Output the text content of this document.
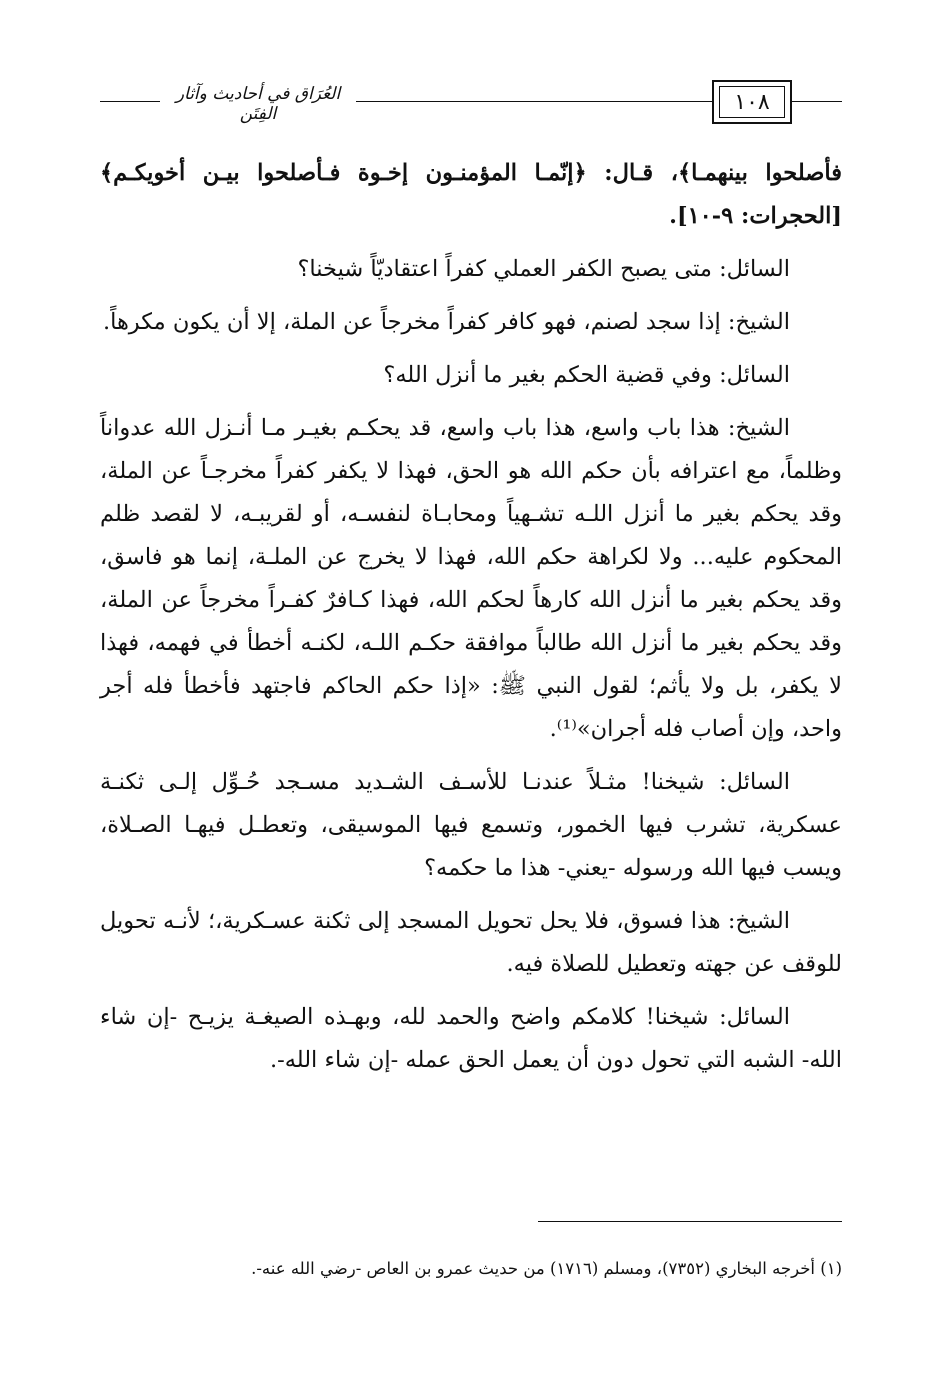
العُرَاق في أحاديث وآثار الفِتَن	١٠٨

فأصلحوا بينهمـا﴾، قـال: ﴿إنّمـا المؤمنـون إخـوة فـأصلحوا بيـن أخويكـم﴾ [الحجرات: ٩-١٠].

السائل: متى يصبح الكفر العملي كفراً اعتقاديّاً شيخنا؟

الشيخ: إذا سجد لصنم، فهو كافر كفراً مخرجاً عن الملة، إلا أن يكون مكرهاً.

السائل: وفي قضية الحكم بغير ما أنزل الله؟

الشيخ: هذا باب واسع، هذا باب واسع، قد يحكـم بغيـر مـا أنـزل الله عدواناً وظلماً، مع اعترافه بأن حكم الله هو الحق، فهذا لا يكفر كفراً مخرجـاً عن الملة، وقد يحكم بغير ما أنزل اللـه تشـهياً ومحابـاة لنفسـه، أو لقريبـه، لا لقصد ظلم المحكوم عليه... ولا لكراهة حكم الله، فهذا لا يخرج عن الملـة، إنما هو فاسق، وقد يحكم بغير ما أنزل الله كارهاً لحكم الله، فهذا كـافرٌ كفـراً مخرجاً عن الملة، وقد يحكم بغير ما أنزل الله طالباً موافقة حكـم اللـه، لكنـه أخطأ في فهمه، فهذا لا يكفر، بل ولا يأثم؛ لقول النبي ﷺ: «إذا حكم الحاكم فاجتهد فأخطأ فله أجر واحد، وإن أصاب فله أجران»⁽¹⁾.

السائل: شيخنا! مثـلاً عندنـا للأسـف الشـديد مسـجد حُـوِّل إلـى ثكنـة عسكرية، تشرب فيها الخمور، وتسمع فيها الموسيقى، وتعطـل فيهـا الصـلاة، ويسب فيها الله ورسوله -يعني- هذا ما حكمه؟

الشيخ: هذا فسوق، فلا يحل تحويل المسجد إلى ثكنة عسـكرية،؛ لأنـه تحويل للوقف عن جهته وتعطيل للصلاة فيه.

السائل: شيخنا! كلامكم واضح والحمد لله، وبهـذه الصيغـة يزيـح -إن شاء الله- الشبه التي تحول دون أن يعمل الحق عمله -إن شاء الله-.

(١) أخرجه البخاري (٧٣٥٢)، ومسلم (١٧١٦) من حديث عمرو بن العاص -رضي الله عنه-.
